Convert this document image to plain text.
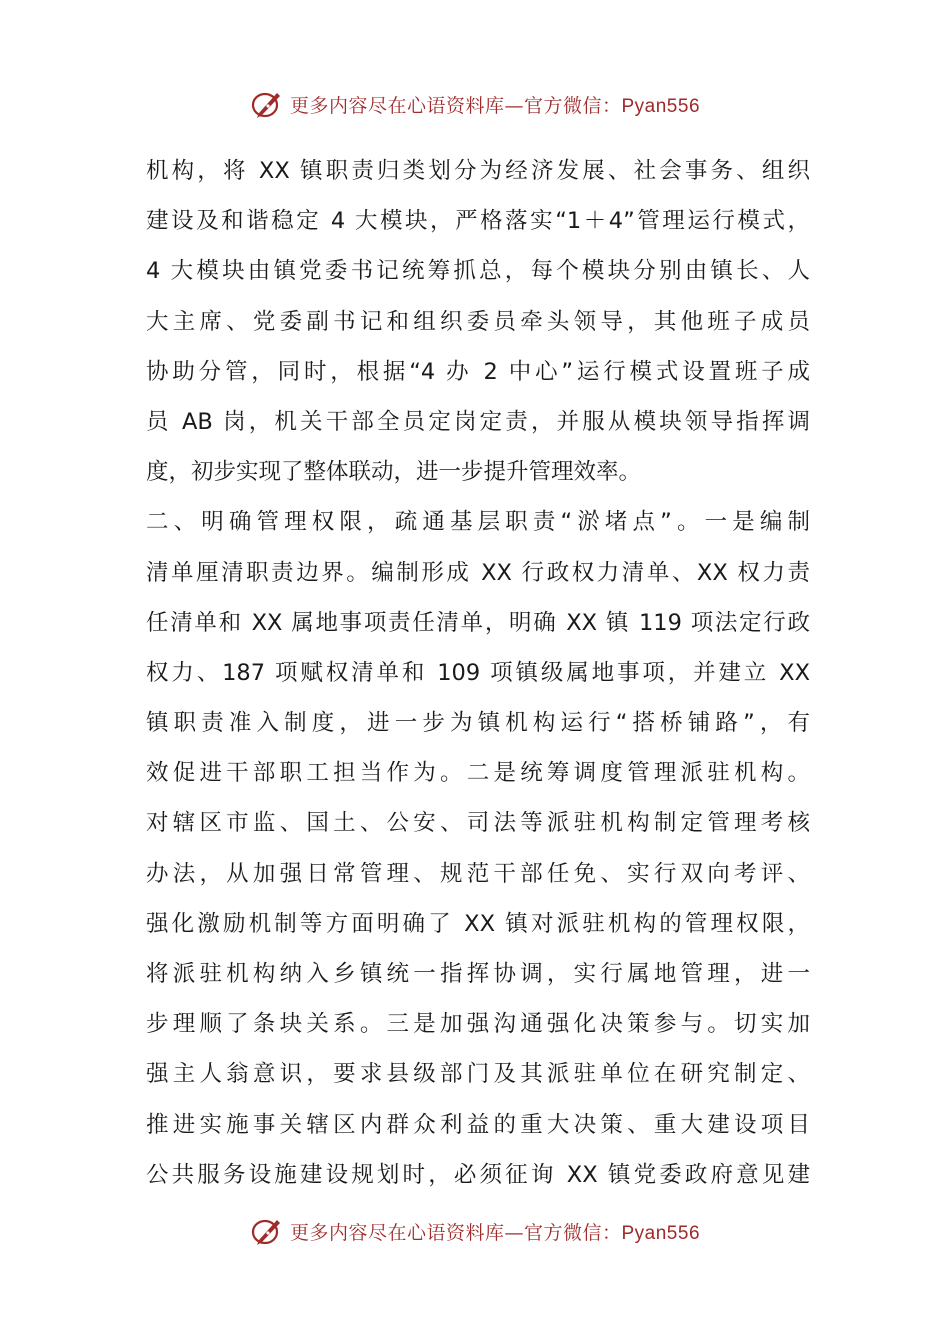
更多内容尽在心语资料库—官方微信：Pyan556
机构，将 XX 镇职责归类划分为经济发展、社会事务、组织
建设及和谐稳定 4 大模块，严格落实“1＋4”管理运行模式，
4 大模块由镇党委书记统筹抓总，每个模块分别由镇长、人
大主席、党委副书记和组织委员牵头领导，其他班子成员
协助分管，同时，根据“4 办 2 中心”运行模式设置班子成
员 AB 岗，机关干部全员定岗定责，并服从模块领导指挥调
度，初步实现了整体联动，进一步提升管理效率。
二、明确管理权限，疏通基层职责“淤堵点”。一是编制
清单厘清职责边界。编制形成 XX 行政权力清单、XX 权力责
任清单和 XX 属地事项责任清单，明确 XX 镇 119 项法定行政
权力、187 项赋权清单和 109 项镇级属地事项，并建立 XX
镇职责准入制度，进一步为镇机构运行“搭桥铺路”，有
效促进干部职工担当作为。二是统筹调度管理派驻机构。
对辖区市监、国土、公安、司法等派驻机构制定管理考核
办法，从加强日常管理、规范干部任免、实行双向考评、
强化激励机制等方面明确了 XX 镇对派驻机构的管理权限，
将派驻机构纳入乡镇统一指挥协调，实行属地管理，进一
步理顺了条块关系。三是加强沟通强化决策参与。切实加
强主人翁意识，要求县级部门及其派驻单位在研究制定、
推进实施事关辖区内群众利益的重大决策、重大建设项目
公共服务设施建设规划时，必须征询 XX 镇党委政府意见建
更多内容尽在心语资料库—官方微信：Pyan556
